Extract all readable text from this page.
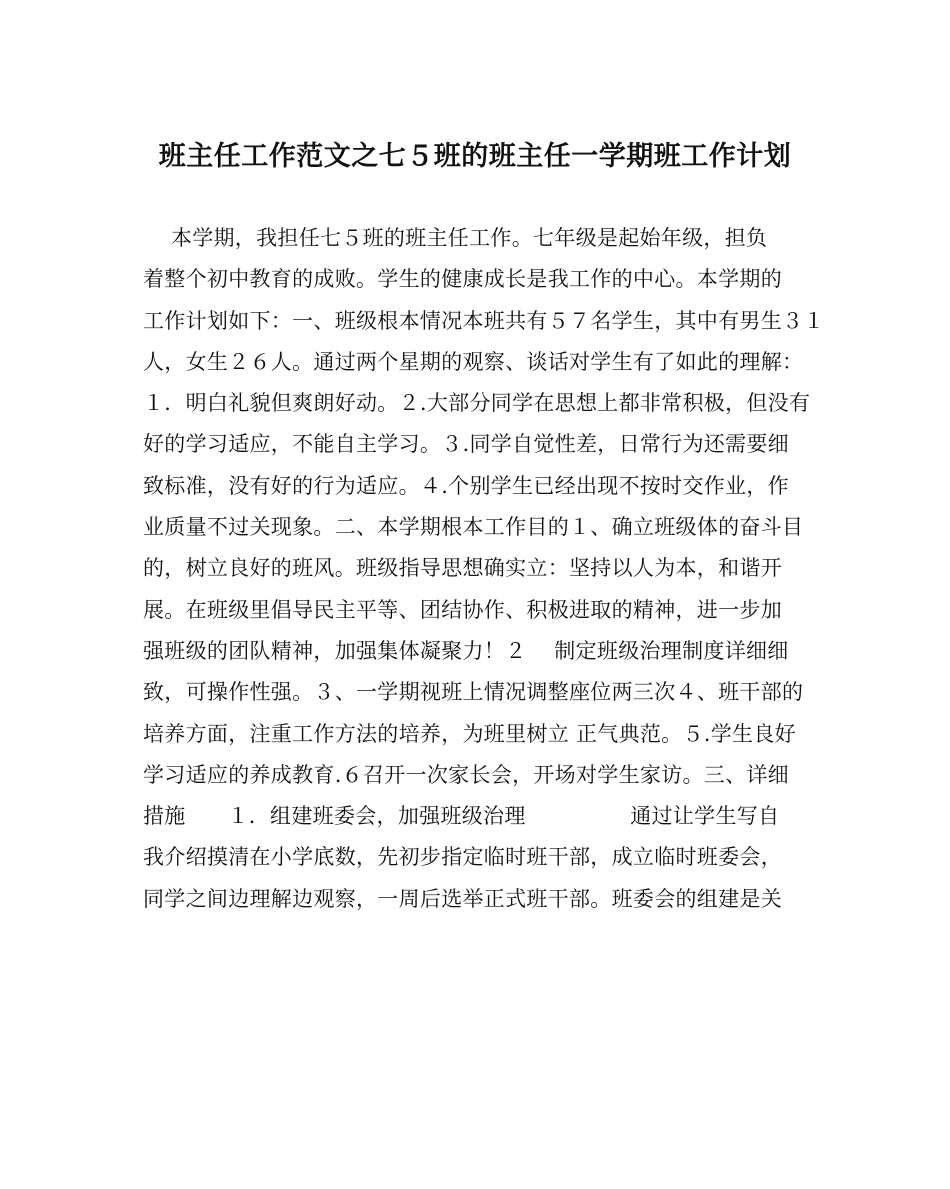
班主任工作范文之七５班的班主任一学期班工作计划
本学期，我担任七５班的班主任工作。七年级是起始年级，担负
着整个初中教育的成败。学生的健康成长是我工作的中心。本学期的
工作计划如下：一、班级根本情况本班共有５７名学生，其中有男生３１
人，女生２６人。通过两个星期的观察、谈话对学生有了如此的理解：
１．明白礼貌但爽朗好动。２.大部分同学在思想上都非常积极，但没有
好的学习适应，不能自主学习。３.同学自觉性差，日常行为还需要细
致标准，没有好的行为适应。４.个别学生已经出现不按时交作业，作
业质量不过关现象。二、本学期根本工作目的１、确立班级体的奋斗目
的，树立良好的班风。班级指导思想确实立：坚持以人为本，和谐开
展。在班级里倡导民主平等、团结协作、积极进取的精神，进一步加
强班级的团队精神，加强集体凝聚力！２    制定班级治理制度详细细
致，可操作性强。３、一学期视班上情况调整座位两三次４、班干部的
培养方面，注重工作方法的培养，为班里树立 正气典范。５.学生良好
学习适应的养成教育.６召开一次家长会，开场对学生家访。三、详细
措施      １．组建班委会，加强班级治理               通过让学生写自
我介绍摸清在小学底数，先初步指定临时班干部，成立临时班委会，
同学之间边理解边观察，一周后选举正式班干部。班委会的组建是关
